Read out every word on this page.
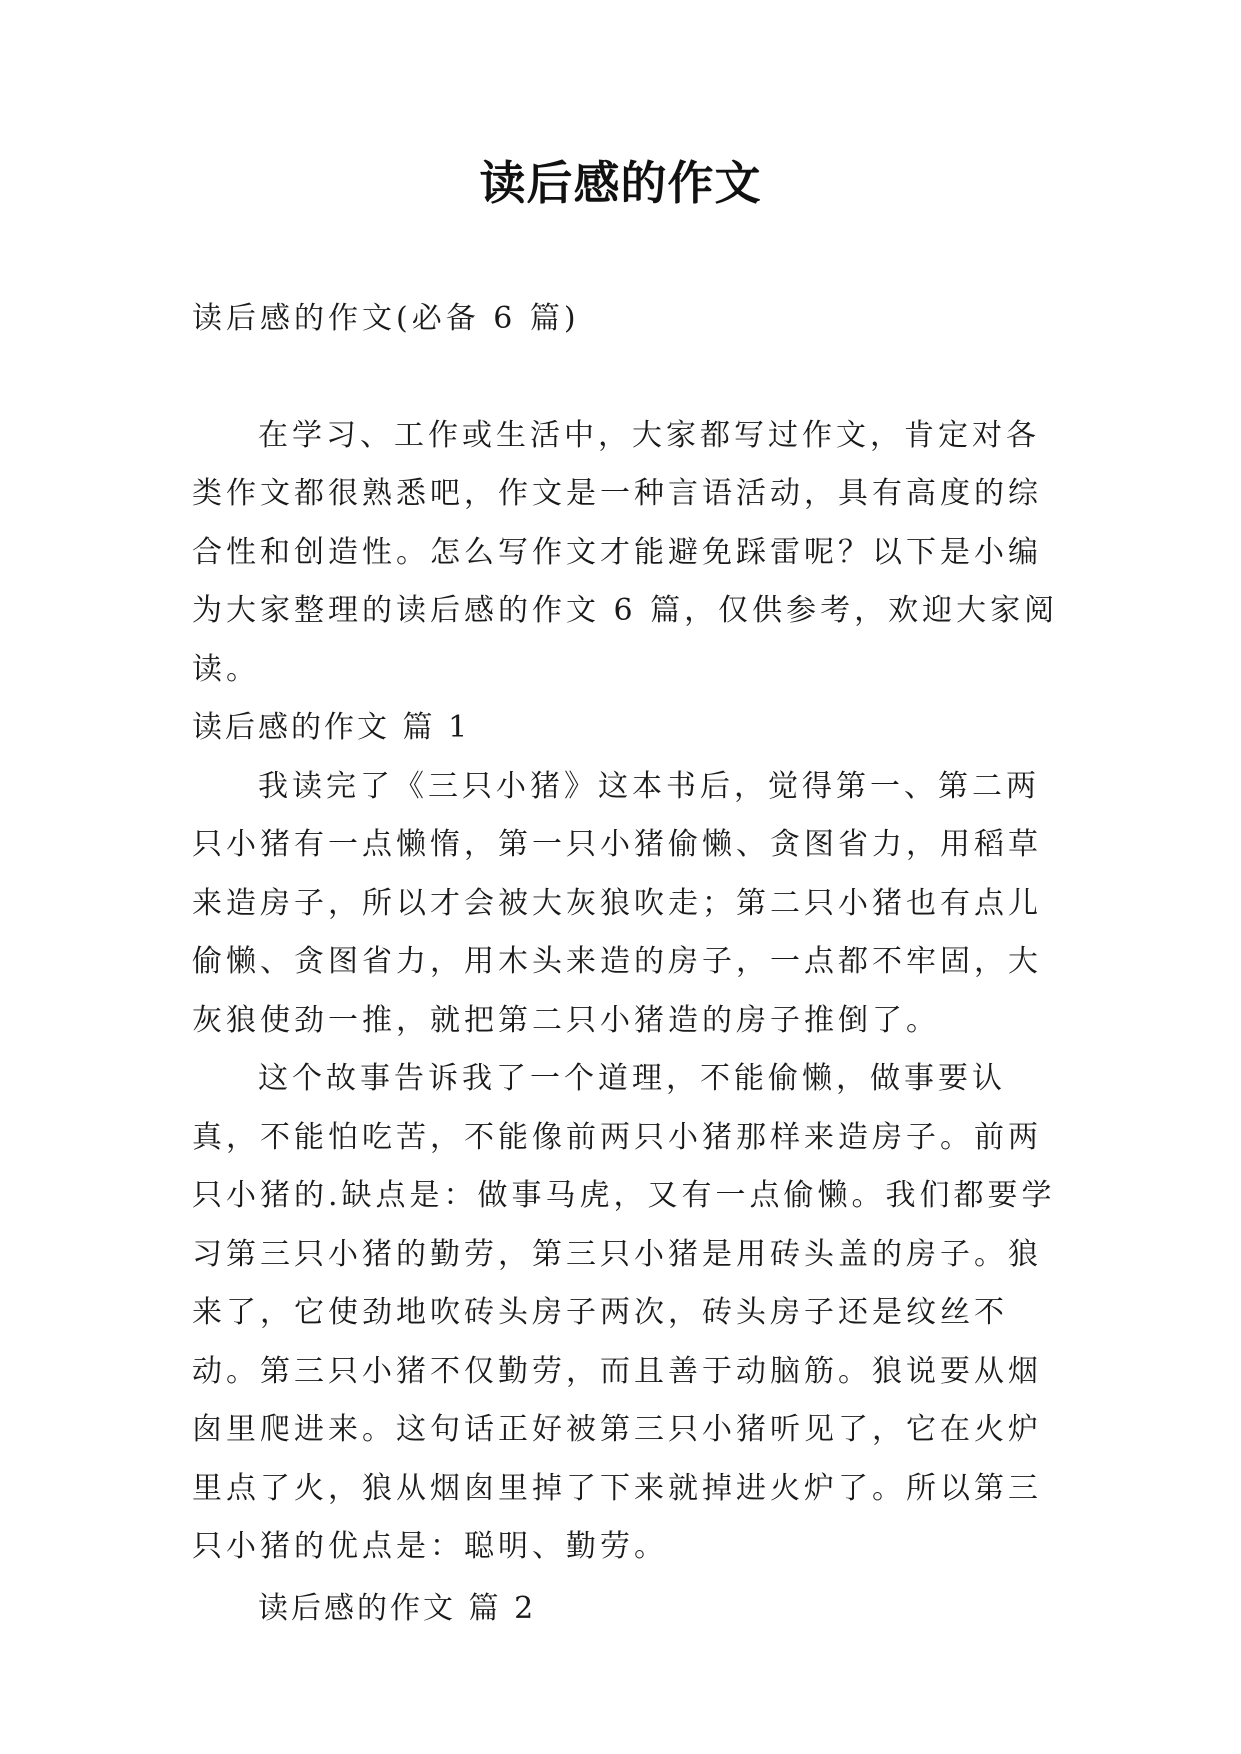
读后感的作文

读后感的作文(必备 6 篇)

在学习、工作或生活中，大家都写过作文，肯定对各类作文都很熟悉吧，作文是一种言语活动，具有高度的综合性和创造性。怎么写作文才能避免踩雷呢？以下是小编为大家整理的读后感的作文 6 篇，仅供参考，欢迎大家阅读。

读后感的作文 篇 1

我读完了《三只小猪》这本书后，觉得第一、第二两只小猪有一点懒惰，第一只小猪偷懒、贪图省力，用稻草来造房子，所以才会被大灰狼吹走；第二只小猪也有点儿偷懒、贪图省力，用木头来造的房子，一点都不牢固，大灰狼使劲一推，就把第二只小猪造的房子推倒了。

这个故事告诉我了一个道理，不能偷懒，做事要认真，不能怕吃苦，不能像前两只小猪那样来造房子。前两只小猪的.缺点是：做事马虎，又有一点偷懒。我们都要学习第三只小猪的勤劳，第三只小猪是用砖头盖的房子。狼来了，它使劲地吹砖头房子两次，砖头房子还是纹丝不动。第三只小猪不仅勤劳，而且善于动脑筋。狼说要从烟囱里爬进来。这句话正好被第三只小猪听见了，它在火炉里点了火，狼从烟囱里掉了下来就掉进火炉了。所以第三只小猪的优点是：聪明、勤劳。

读后感的作文 篇 2
